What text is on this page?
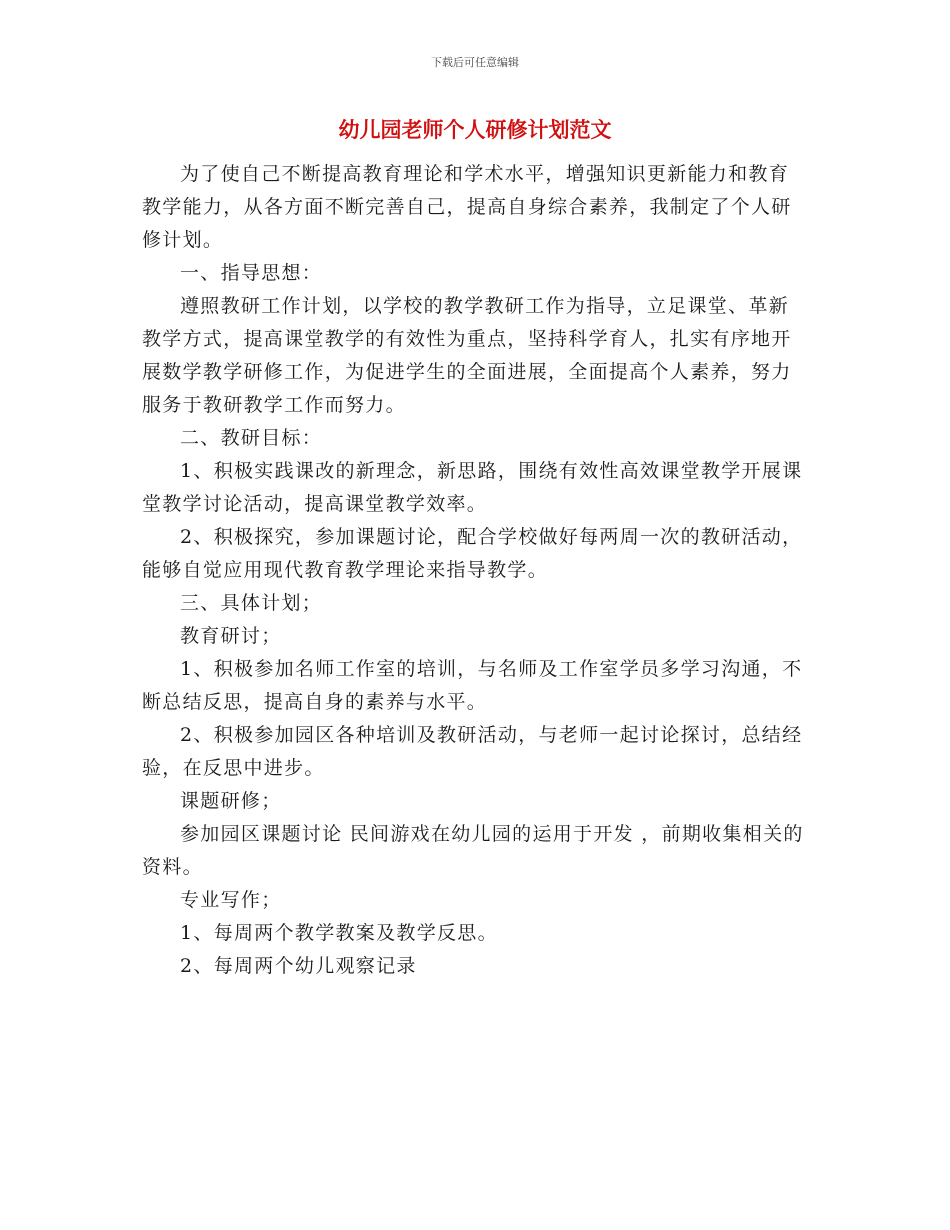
下载后可任意编辑
幼儿园老师个人研修计划范文

为了使自己不断提高教育理论和学术水平，增强知识更新能力和教育教学能力，从各方面不断完善自己，提高自身综合素养，我制定了个人研修计划。

一、指导思想：

遵照教研工作计划，以学校的教学教研工作为指导，立足课堂、革新教学方式，提高课堂教学的有效性为重点，坚持科学育人，扎实有序地开展数学教学研修工作，为促进学生的全面进展，全面提高个人素养，努力服务于教研教学工作而努力。

二、教研目标：

1、积极实践课改的新理念，新思路，围绕有效性高效课堂教学开展课堂教学讨论活动，提高课堂教学效率。

2、积极探究，参加课题讨论，配合学校做好每两周一次的教研活动，能够自觉应用现代教育教学理论来指导教学。

三、具体计划；

教育研讨；

1、积极参加名师工作室的培训，与名师及工作室学员多学习沟通，不断总结反思，提高自身的素养与水平。

2、积极参加园区各种培训及教研活动，与老师一起讨论探讨，总结经验，在反思中进步。

课题研修；

参加园区课题讨论 民间游戏在幼儿园的运用于开发 ，前期收集相关的资料。

专业写作；

1、每周两个教学教案及教学反思。

2、每周两个幼儿观察记录
